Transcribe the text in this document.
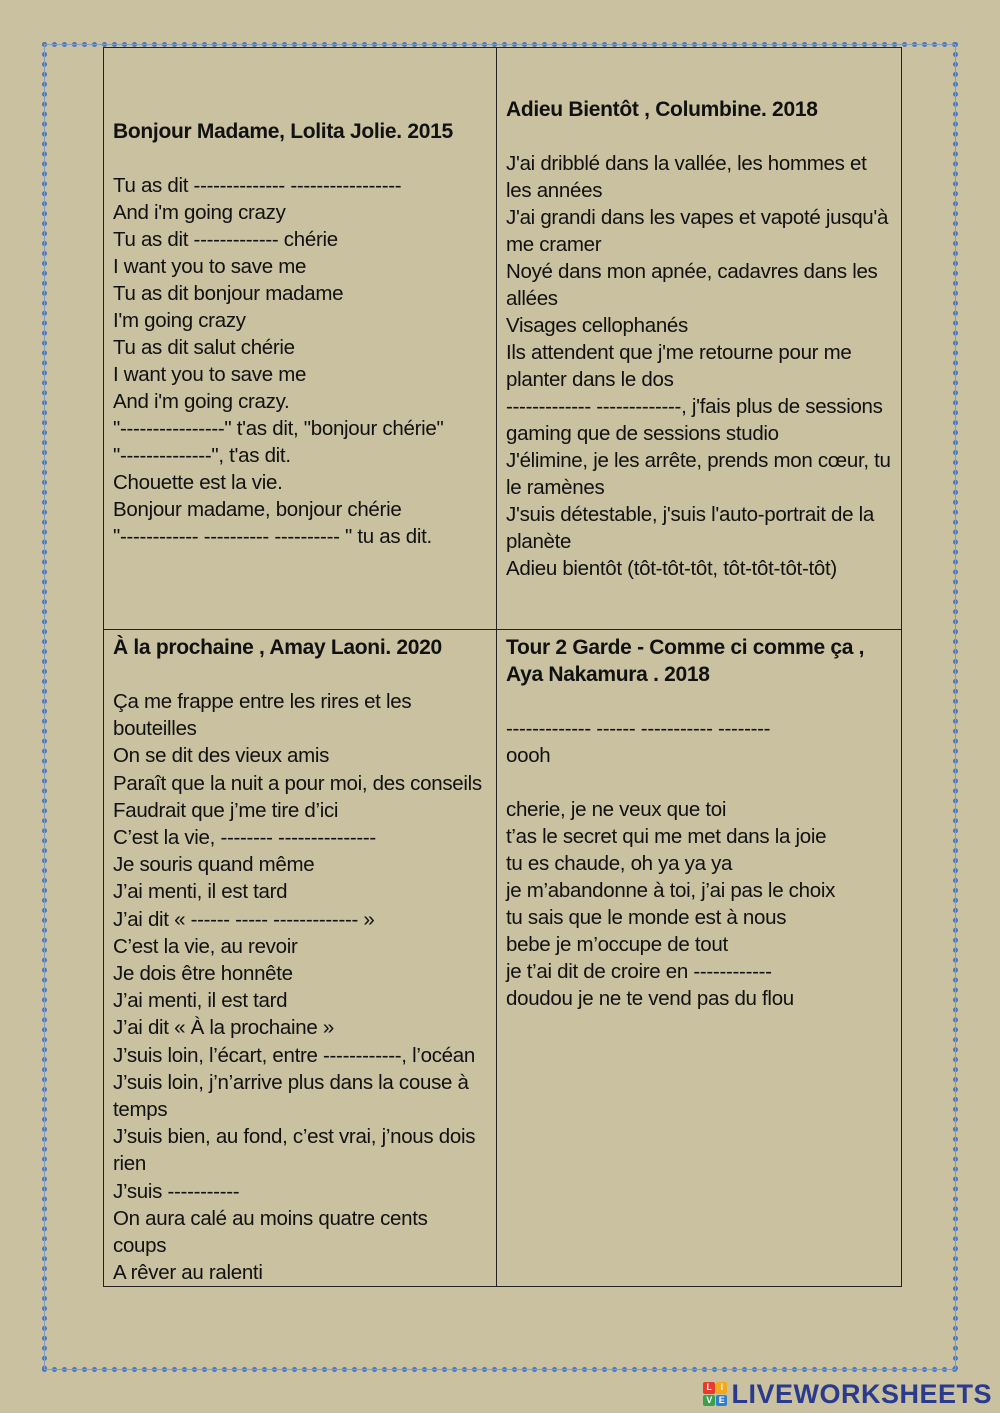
Bonjour Madame, Lolita Jolie. 2015
Tu as dit -------------- -----------------
And i'm going crazy
Tu as dit ------------- chérie
I want you to save me
Tu as dit bonjour madame
I'm going crazy
Tu as dit salut chérie
I want you to save me
And i'm going crazy.
"----------------" t'as dit, "bonjour chérie"
"--------------", t'as dit.
Chouette est la vie.
Bonjour madame, bonjour chérie
"------------ ---------- ---------- " tu as dit.
Adieu Bientôt , Columbine. 2018
J'ai dribblé dans la vallée, les hommes et les années
J'ai grandi dans les vapes et vapoté jusqu'à me cramer
Noyé dans mon apnée, cadavres dans les allées
Visages cellophanés
Ils attendent que j'me retourne pour me planter dans le dos
------------- -------------, j'fais plus de sessions gaming que de sessions studio
J'élimine, je les arrête, prends mon cœur, tu le ramènes
J'suis détestable, j'suis l'auto-portrait de la planète
Adieu bientôt (tôt-tôt-tôt, tôt-tôt-tôt-tôt)
À la prochaine , Amay Laoni. 2020
Ça me frappe entre les rires et les bouteilles
On se dit des vieux amis
Paraît que la nuit a pour moi, des conseils
Faudrait que j’me tire d’ici
C’est la vie, -------- ---------------
Je souris quand même
J’ai menti, il est tard
J’ai dit « ------ ----- ------------- »
C’est la vie, au revoir
Je dois être honnête
J’ai menti, il est tard
J’ai dit « À la prochaine »
J’suis loin, l’écart, entre ------------, l’océan
J’suis loin, j’n’arrive plus dans la couse à temps
J’suis bien, au fond, c’est vrai, j’nous dois rien
J’suis -----------
On aura calé au moins quatre cents coups
A rêver au ralenti
Tour 2 Garde - Comme ci comme ça , Aya Nakamura . 2018
------------- ------ ----------- --------
oooh
cherie, je ne veux que toi
t’as le secret qui me met dans la joie
tu es chaude, oh ya ya ya
je m’abandonne à toi, j’ai pas le choix
tu sais que le monde est à nous
bebe je m’occupe de tout
je t’ai dit de croire en ------------
doudou je ne te vend pas du flou
L I
V E LIVEWORKSHEETS
